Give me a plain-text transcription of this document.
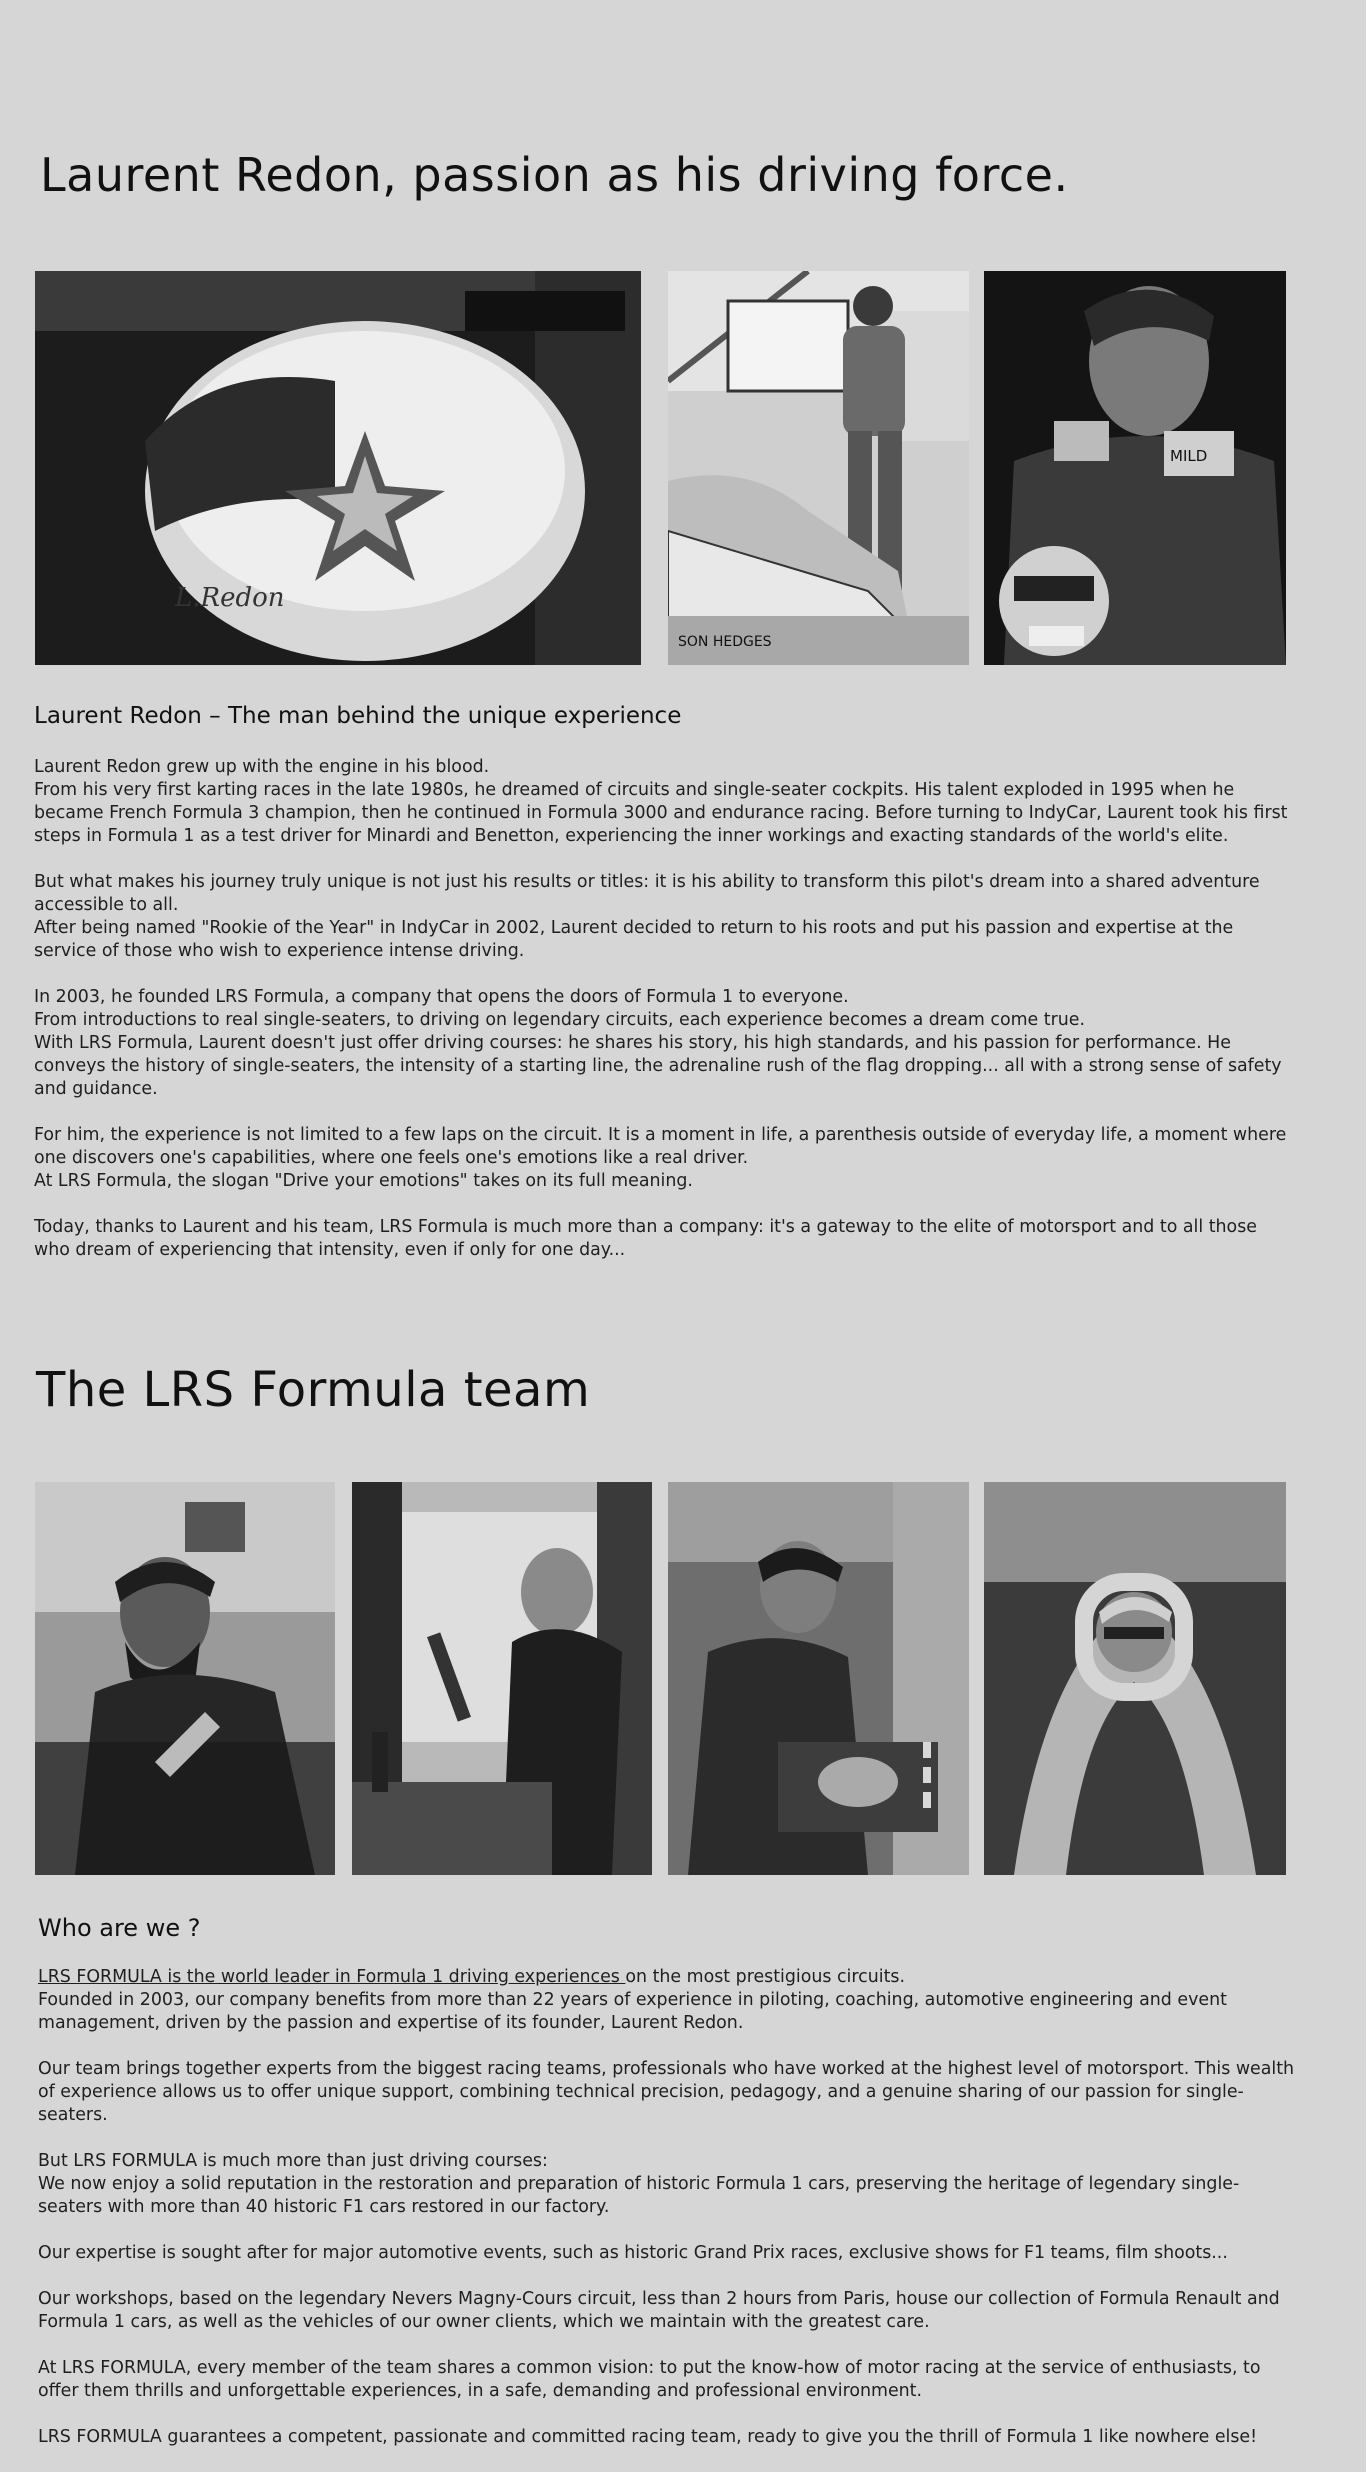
Laurent Redon, passion as his driving force.
L.Redon
SON HEDGES
MILD
Laurent Redon – The man behind the unique experience

Laurent Redon grew up with the engine in his blood.
From his very first karting races in the late 1980s, he dreamed of circuits and single-seater cockpits. His talent exploded in 1995 when he became French Formula 3 champion, then he continued in Formula 3000 and endurance racing. Before turning to IndyCar, Laurent took his first steps in Formula 1 as a test driver for Minardi and Benetton, experiencing the inner workings and exacting standards of the world's elite.

But what makes his journey truly unique is not just his results or titles: it is his ability to transform this pilot's dream into a shared adventure accessible to all.
After being named "Rookie of the Year" in IndyCar in 2002, Laurent decided to return to his roots and put his passion and expertise at the service of those who wish to experience intense driving.

In 2003, he founded LRS Formula, a company that opens the doors of Formula 1 to everyone.
From introductions to real single-seaters, to driving on legendary circuits, each experience becomes a dream come true.
With LRS Formula, Laurent doesn't just offer driving courses: he shares his story, his high standards, and his passion for performance. He conveys the history of single-seaters, the intensity of a starting line, the adrenaline rush of the flag dropping... all with a strong sense of safety and guidance.

For him, the experience is not limited to a few laps on the circuit. It is a moment in life, a parenthesis outside of everyday life, a moment where one discovers one's capabilities, where one feels one's emotions like a real driver.
At LRS Formula, the slogan "Drive your emotions" takes on its full meaning.

Today, thanks to Laurent and his team, LRS Formula is much more than a company: it's a gateway to the elite of motorsport and to all those who dream of experiencing that intensity, even if only for one day...

The LRS Formula team
Who are we ?

LRS FORMULA is the world leader in Formula 1 driving experiences on the most prestigious circuits.
Founded in 2003, our company benefits from more than 22 years of experience in piloting, coaching, automotive engineering and event management, driven by the passion and expertise of its founder, Laurent Redon.

Our team brings together experts from the biggest racing teams, professionals who have worked at the highest level of motorsport. This wealth of experience allows us to offer unique support, combining technical precision, pedagogy, and a genuine sharing of our passion for single-seaters.

But LRS FORMULA is much more than just driving courses:
We now enjoy a solid reputation in the restoration and preparation of historic Formula 1 cars, preserving the heritage of legendary single-seaters with more than 40 historic F1 cars restored in our factory.

Our expertise is sought after for major automotive events, such as historic Grand Prix races, exclusive shows for F1 teams, film shoots...

Our workshops, based on the legendary Nevers Magny-Cours circuit, less than 2 hours from Paris, house our collection of Formula Renault and Formula 1 cars, as well as the vehicles of our owner clients, which we maintain with the greatest care.

At LRS FORMULA, every member of the team shares a common vision: to put the know-how of motor racing at the service of enthusiasts, to offer them thrills and unforgettable experiences, in a safe, demanding and professional environment.

LRS FORMULA guarantees a competent, passionate and committed racing team, ready to give you the thrill of Formula 1 like nowhere else!
